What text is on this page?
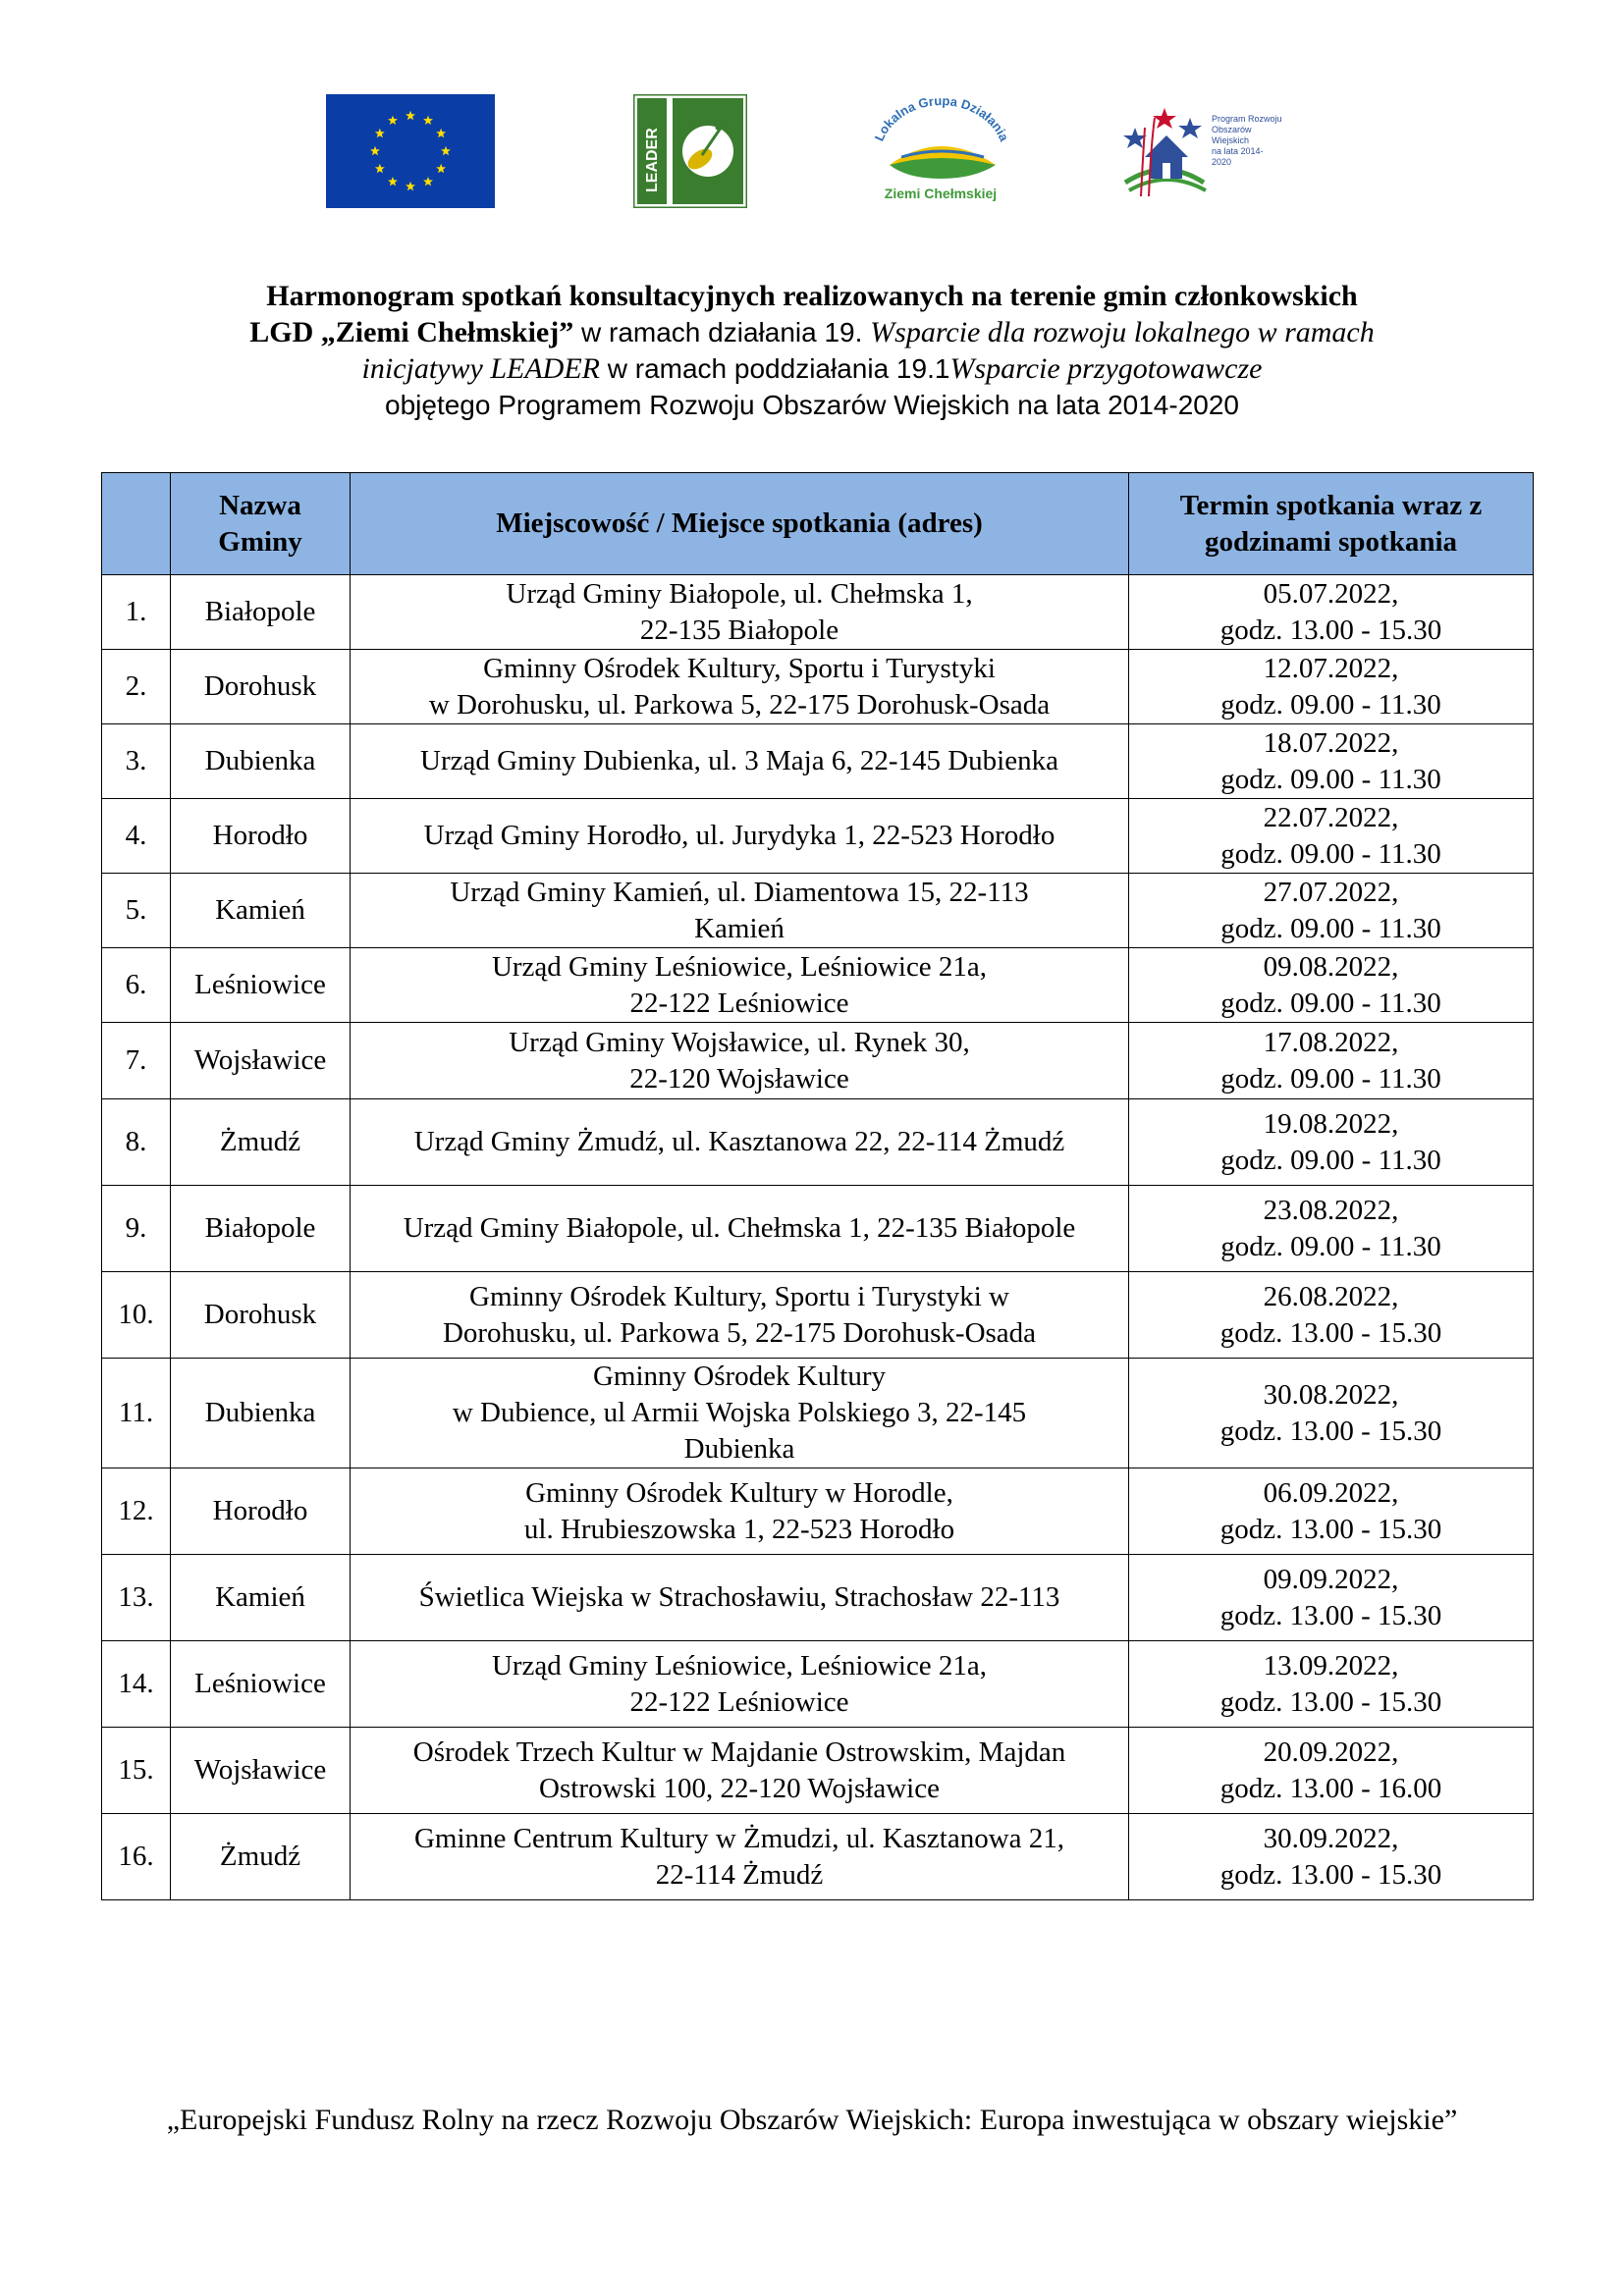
LEADER	Lokalna Grupa Działania
Ziemi Chełmskiej
Program Rozwoju Obszarów Wiejskich
na lata 2014-2020
Harmonogram spotkań konsultacyjnych realizowanych na terenie gmin członkowskich
LGD „Ziemi Chełmskiej” w ramach działania 19. Wsparcie dla rozwoju lokalnego w ramach
inicjatywy LEADER w ramach poddziałania 19.1Wsparcie przygotowawcze
objętego Programem Rozwoju Obszarów Wiejskich na lata 2014-2020
	Nazwa Gminy	Miejscowość / Miejsce spotkania (adres)	Termin spotkania wraz z godzinami spotkania
1.	Białopole	Urząd Gminy Białopole, ul. Chełmska 1,
22-135 Białopole	05.07.2022,
godz. 13.00 - 15.30

2.	Dorohusk	Gminny Ośrodek Kultury, Sportu i Turystyki
w Dorohusku, ul. Parkowa 5, 22-175 Dorohusk-Osada	12.07.2022,
godz. 09.00 - 11.30

3.	Dubienka	Urząd Gminy Dubienka, ul. 3 Maja 6, 22-145 Dubienka	18.07.2022,
godz. 09.00 - 11.30

4.	Horodło	Urząd Gminy Horodło, ul. Jurydyka 1, 22-523 Horodło	22.07.2022,
godz. 09.00 - 11.30

5.	Kamień	Urząd Gminy Kamień, ul. Diamentowa 15, 22-113
Kamień	27.07.2022,
godz. 09.00 - 11.30

6.	Leśniowice	Urząd Gminy Leśniowice, Leśniowice 21a,
22-122 Leśniowice	09.08.2022,
godz. 09.00 - 11.30

7.	Wojsławice	Urząd Gminy Wojsławice, ul. Rynek 30,
22-120 Wojsławice	17.08.2022,
godz. 09.00 - 11.30

8.	Żmudź	Urząd Gminy Żmudź, ul. Kasztanowa 22, 22-114 Żmudź	19.08.2022,
godz. 09.00 - 11.30

9.	Białopole	Urząd Gminy Białopole, ul. Chełmska 1, 22-135 Białopole	23.08.2022,
godz. 09.00 - 11.30

10.	Dorohusk	Gminny Ośrodek Kultury, Sportu i Turystyki w
Dorohusku, ul. Parkowa 5, 22-175 Dorohusk-Osada	26.08.2022,
godz. 13.00 - 15.30

11.	Dubienka	Gminny Ośrodek Kultury
w Dubience, ul Armii Wojska Polskiego 3, 22-145
Dubienka	30.08.2022,
godz. 13.00 - 15.30

12.	Horodło	Gminny Ośrodek Kultury w Horodle,
ul. Hrubieszowska 1, 22-523 Horodło	06.09.2022,
godz. 13.00 - 15.30

13.	Kamień	Świetlica Wiejska w Strachosławiu, Strachosław 22-113	09.09.2022,
godz. 13.00 - 15.30

14.	Leśniowice	Urząd Gminy Leśniowice, Leśniowice 21a,
22-122 Leśniowice	13.09.2022,
godz. 13.00 - 15.30

15.	Wojsławice	Ośrodek Trzech Kultur w Majdanie Ostrowskim, Majdan
Ostrowski 100, 22-120 Wojsławice	20.09.2022,
godz. 13.00 - 16.00

16.	Żmudź	Gminne Centrum Kultury w Żmudzi, ul. Kasztanowa 21,
22-114 Żmudź	30.09.2022,
godz. 13.00 - 15.30
„Europejski Fundusz Rolny na rzecz Rozwoju Obszarów Wiejskich: Europa inwestująca w obszary wiejskie”
